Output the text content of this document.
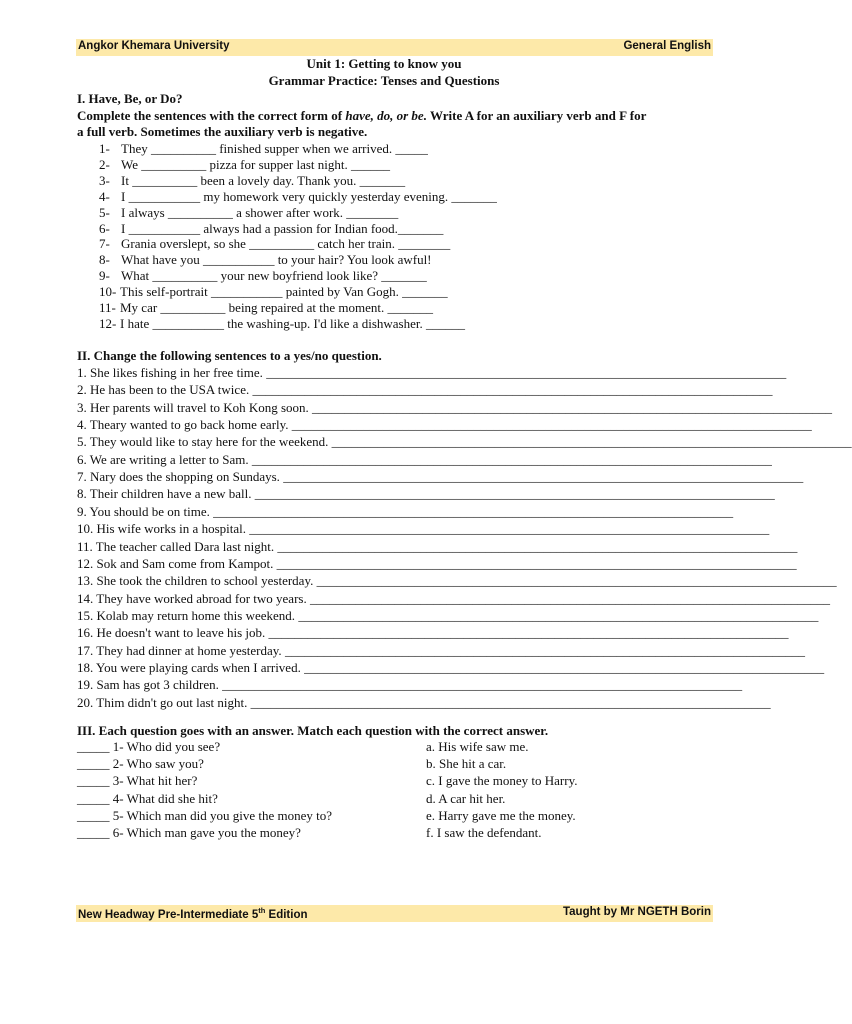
Angkor Khemara University	General English
Unit 1: Getting to know you
Grammar Practice: Tenses and Questions
I. Have, Be, or Do?
Complete the sentences with the correct form of have, do, or be. Write A for an auxiliary verb and F for
a full verb. Sometimes the auxiliary verb is negative.
1- They __________ finished supper when we arrived. _____
2- We __________ pizza for supper last night. ______
3- It __________ been a lovely day. Thank you. _______
4- I ___________ my homework very quickly yesterday evening. _______
5- I always __________ a shower after work. ________
6- I ___________ always had a passion for Indian food._______
7- Grania overslept, so she __________ catch her train. ________
8- What have you ___________ to your hair? You look awful!
9- What __________ your new boyfriend look like? _______
10- This self-portrait ___________ painted by Van Gogh. _______
11- My car __________ being repaired at the moment. _______
12- I hate ___________ the washing-up. I'd like a dishwasher. ______
II. Change the following sentences to a yes/no question.
1. She likes fishing in her free time. ________________________________________________________________________________
2. He has been to the USA twice. ________________________________________________________________________________
3. Her parents will travel to Koh Kong soon. ________________________________________________________________________________
4. Theary wanted to go back home early. ________________________________________________________________________________
5. They would like to stay here for the weekend. ________________________________________________________________________________
6. We are writing a letter to Sam. ________________________________________________________________________________
7. Nary does the shopping on Sundays. ________________________________________________________________________________
8. Their children have a new ball. ________________________________________________________________________________
9. You should be on time. ________________________________________________________________________________
10. His wife works in a hospital. ________________________________________________________________________________
11. The teacher called Dara last night. ________________________________________________________________________________
12. Sok and Sam come from Kampot. ________________________________________________________________________________
13. She took the children to school yesterday. ________________________________________________________________________________
14. They have worked abroad for two years. ________________________________________________________________________________
15. Kolab may return home this weekend. ________________________________________________________________________________
16. He doesn't want to leave his job. ________________________________________________________________________________
17. They had dinner at home yesterday. ________________________________________________________________________________
18. You were playing cards when I arrived. ________________________________________________________________________________
19. Sam has got 3 children. ________________________________________________________________________________
20. Thim didn't go out last night. ________________________________________________________________________________
III. Each question goes with an answer. Match each question with the correct answer.
_____ 1- Who did you see?	a. His wife saw me.
_____ 2- Who saw you?	b. She hit a car.
_____ 3- What hit her?	c. I gave the money to Harry.
_____ 4- What did she hit?	d. A car hit her.
_____ 5- Which man did you give the money to?	e. Harry gave me the money.
_____ 6- Which man gave you the money?	f. I saw the defendant.
New Headway Pre-Intermediate 5th Edition	Taught by Mr NGETH Borin
